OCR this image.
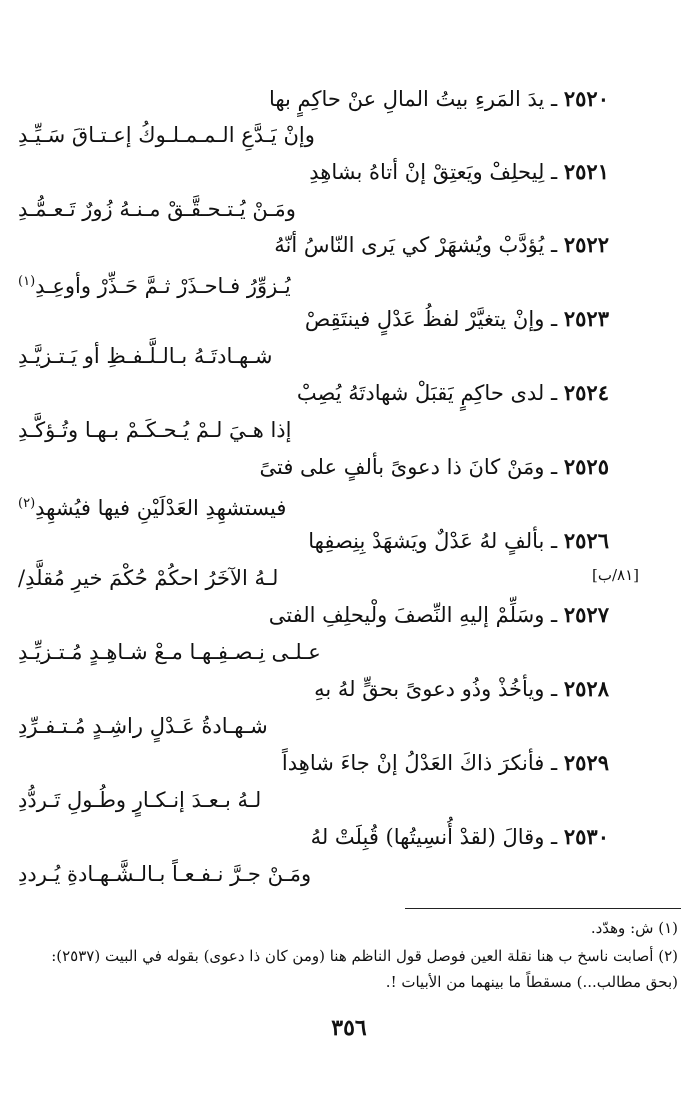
٢٥٢٠ ـ يدَ المَرءِ بيتُ المالِ عنْ حاكِمٍ بها
وإنْ يَـدَّعِ الـمـمـلـوكُ إعـتـاقَ سَـيِّـدِ
٢٥٢١ ـ لِيحلِفْ ويَعتِقْ إنْ أتاهُ بشاهِدِ
ومَـنْ يُـتـحـقَّـقْ مـنـهُ زُورٌ تَـعـمُّـدِ
٢٥٢٢ ـ يُؤدَّبْ ويُشهَرْ كي يَرى النّاسُ أنّهُ
يُـزوِّرُ فـاحـذَرْ ثـمَّ حَـذِّرْ وأوعِـدِ$^{(١)}$
٢٥٢٣ ـ وإنْ يتغيَّرْ لفظُ عَدْلٍ فينتَقِصْ
شـهـادتَـهُ بـالـلَّـفـظِ أو يَـتـزيَّـدِ
٢٥٢٤ ـ لدى حاكِمٍ يَقبَلْ شهادتَهُ يُصِبْ
إذا هـيَ لـمْ يُـحـكَـمْ بـهـا وتُـؤكَّـدِ
٢٥٢٥ ـ ومَنْ كانَ ذا دعوىً بألفٍ على فتىً
فيستشهِدِ العَدْلَيْنِ فيها فيُشهِدِ$^{(٢)}$
٢٥٢٦ ـ بألفٍ لهُ عَدْلٌ ويَشهَدْ بِنِصفِها
لـهُ الآخَرُ احكُمْ حُكْمَ خيرِ مُقلَّدِ/	[٨١/ب]
٢٥٢٧ ـ وسَلِّمْ إليهِ النِّصفَ ولْيحلِفِ الفتى
عـلـى نِـصـفِـهـا مـعْ شـاهِـدٍ مُـتـزيِّـدِ
٢٥٢٨ ـ ويأخُذْ وذُو دعوىً بحقٍّ لهُ بهِ
شـهـادةُ عَـدْلٍ راشِـدٍ مُـتـفـرِّدِ
٢٥٢٩ ـ فأنكرَ ذاكَ العَدْلُ إنْ جاءَ شاهِداً
لـهُ بـعـدَ إنـكـارٍ وطُـولِ تَـردُّدِ
٢٥٣٠ ـ وقالَ (لقدْ أُنسِيتُها) قُبِلَتْ لهُ
ومَـنْ جـرَّ نـفـعـاً بـالـشَّـهـادةِ يُـرددِ
(١) ش: وهدّد.
(٢) أصابت ناسخ ب هنا نقلة العين فوصل قول الناظم هنا (ومن كان ذا دعوى) بقوله في البيت (٢٥٣٧): (بحق مطالب...) مسقطاً ما بينهما من الأبيات !.
٣٥٦
